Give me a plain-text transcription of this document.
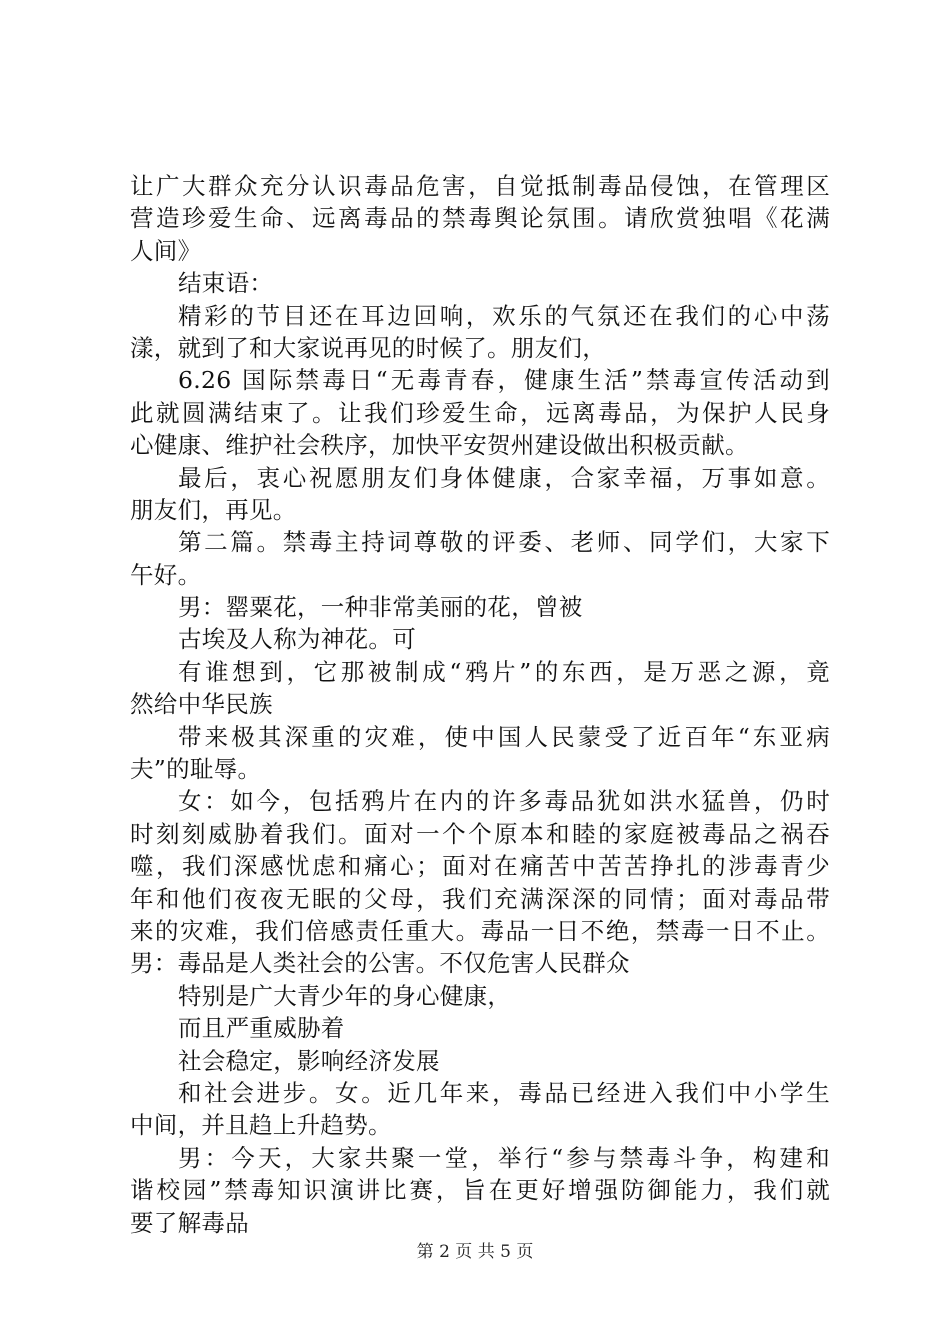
让广大群众充分认识毒品危害，自觉抵制毒品侵蚀，在管理区
营造珍爱生命、远离毒品的禁毒舆论氛围。请欣赏独唱《花满
人间》
结束语：
精彩的节目还在耳边回响，欢乐的气氛还在我们的心中荡
漾，就到了和大家说再见的时候了。朋友们，
6.26 国际禁毒日“无毒青春，健康生活”禁毒宣传活动到
此就圆满结束了。让我们珍爱生命，远离毒品，为保护人民身
心健康、维护社会秩序，加快平安贺州建设做出积极贡献。
最后，衷心祝愿朋友们身体健康，合家幸福，万事如意。
朋友们，再见。
第二篇。禁毒主持词尊敬的评委、老师、同学们，大家下
午好。
男：罂粟花，一种非常美丽的花，曾被
古埃及人称为神花。可
有谁想到，它那被制成“鸦片”的东西，是万恶之源，竟
然给中华民族
带来极其深重的灾难，使中国人民蒙受了近百年“东亚病
夫”的耻辱。
女：如今，包括鸦片在内的许多毒品犹如洪水猛兽，仍时
时刻刻威胁着我们。面对一个个原本和睦的家庭被毒品之祸吞
噬，我们深感忧虑和痛心；面对在痛苦中苦苦挣扎的涉毒青少
年和他们夜夜无眠的父母，我们充满深深的同情；面对毒品带
来的灾难，我们倍感责任重大。毒品一日不绝，禁毒一日不止。
男：毒品是人类社会的公害。不仅危害人民群众
特别是广大青少年的身心健康，
而且严重威胁着
社会稳定，影响经济发展
和社会进步。女。近几年来，毒品已经进入我们中小学生
中间，并且趋上升趋势。
男：今天，大家共聚一堂，举行“参与禁毒斗争，构建和
谐校园”禁毒知识演讲比赛，旨在更好增强防御能力，我们就
要了解毒品
第 2 页 共 5 页
